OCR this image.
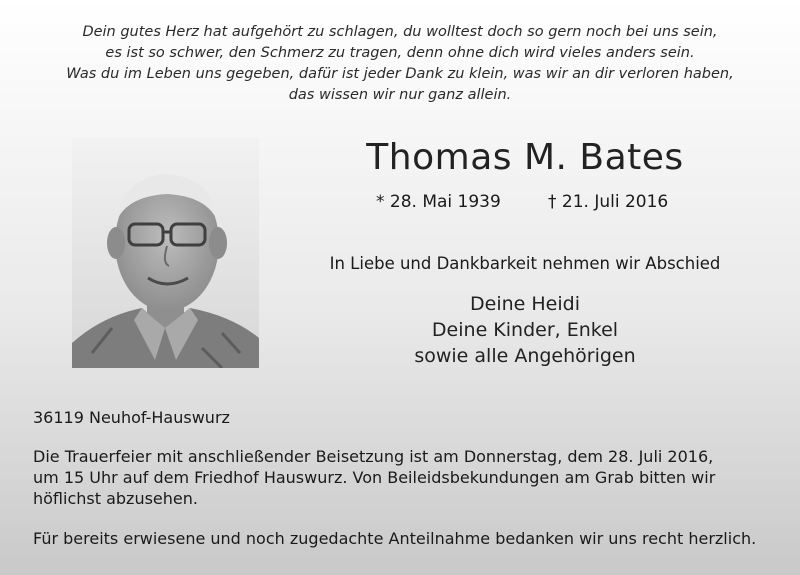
Dein gutes Herz hat aufgehört zu schlagen, du wolltest doch so gern noch bei uns sein,
es ist so schwer, den Schmerz zu tragen, denn ohne dich wird vieles anders sein.
Was du im Leben uns gegeben, dafür ist jeder Dank zu klein, was wir an dir verloren haben,
das wissen wir nur ganz allein.
Thomas M. Bates
* 28. Mai 1939	† 21. Juli 2016
In Liebe und Dankbarkeit nehmen wir Abschied
Deine Heidi
Deine Kinder, Enkel
sowie alle Angehörigen
36119 Neuhof-Hauswurz
Die Trauerfeier mit anschließender Beisetzung ist am Donnerstag, dem 28. Juli 2016,
um 15 Uhr auf dem Friedhof Hauswurz. Von Beileidsbekundungen am Grab bitten wir
höflichst abzusehen.
Für bereits erwiesene und noch zugedachte Anteilnahme bedanken wir uns recht herzlich.
